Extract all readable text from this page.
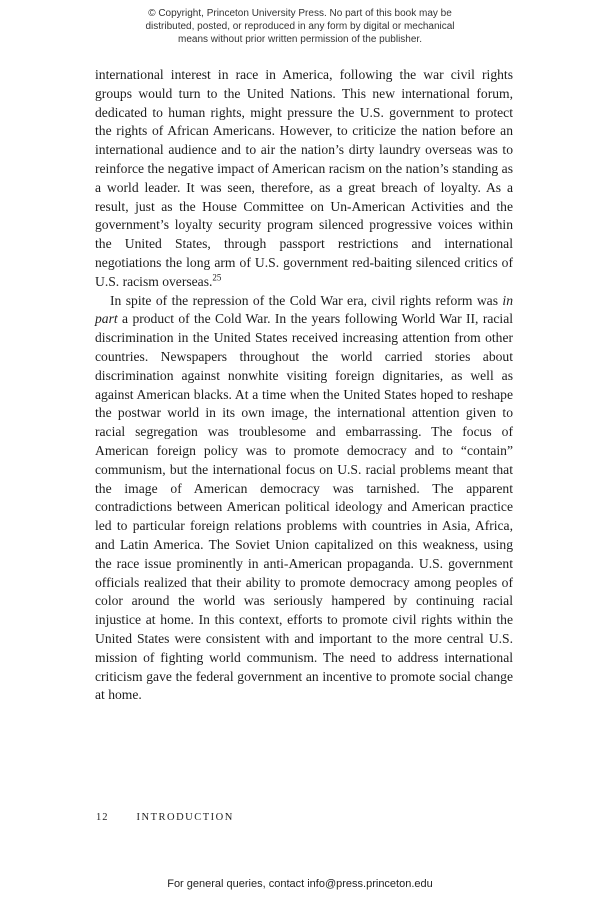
© Copyright, Princeton University Press. No part of this book may be distributed, posted, or reproduced in any form by digital or mechanical means without prior written permission of the publisher.

international interest in race in America, following the war civil rights groups would turn to the United Nations. This new international forum, dedicated to human rights, might pressure the U.S. government to protect the rights of African Americans. However, to criticize the nation before an international audience and to air the nation’s dirty laundry overseas was to reinforce the negative impact of American racism on the nation’s standing as a world leader. It was seen, therefore, as a great breach of loyalty. As a result, just as the House Committee on Un-American Activities and the government’s loyalty security program silenced progressive voices within the United States, through passport restrictions and international negotiations the long arm of U.S. government red-baiting silenced critics of U.S. racism overseas.$^{25}$

In spite of the repression of the Cold War era, civil rights reform was in part a product of the Cold War. In the years following World War II, racial discrimination in the United States received increasing attention from other countries. Newspapers throughout the world carried stories about discrimination against nonwhite visiting foreign dignitaries, as well as against American blacks. At a time when the United States hoped to reshape the postwar world in its own image, the international attention given to racial segregation was troublesome and embarrassing. The focus of American foreign policy was to promote democracy and to “contain” communism, but the international focus on U.S. racial problems meant that the image of American democracy was tarnished. The apparent contradictions between American political ideology and American practice led to particular foreign relations problems with countries in Asia, Africa, and Latin America. The Soviet Union capitalized on this weakness, using the race issue prominently in anti-American propaganda. U.S. government officials realized that their ability to promote democracy among peoples of color around the world was seriously hampered by continuing racial injustice at home. In this context, efforts to promote civil rights within the United States were consistent with and important to the more central U.S. mission of fighting world communism. The need to address international criticism gave the federal government an incentive to promote social change at home.

12	INTRODUCTION
For general queries, contact info@press.princeton.edu
